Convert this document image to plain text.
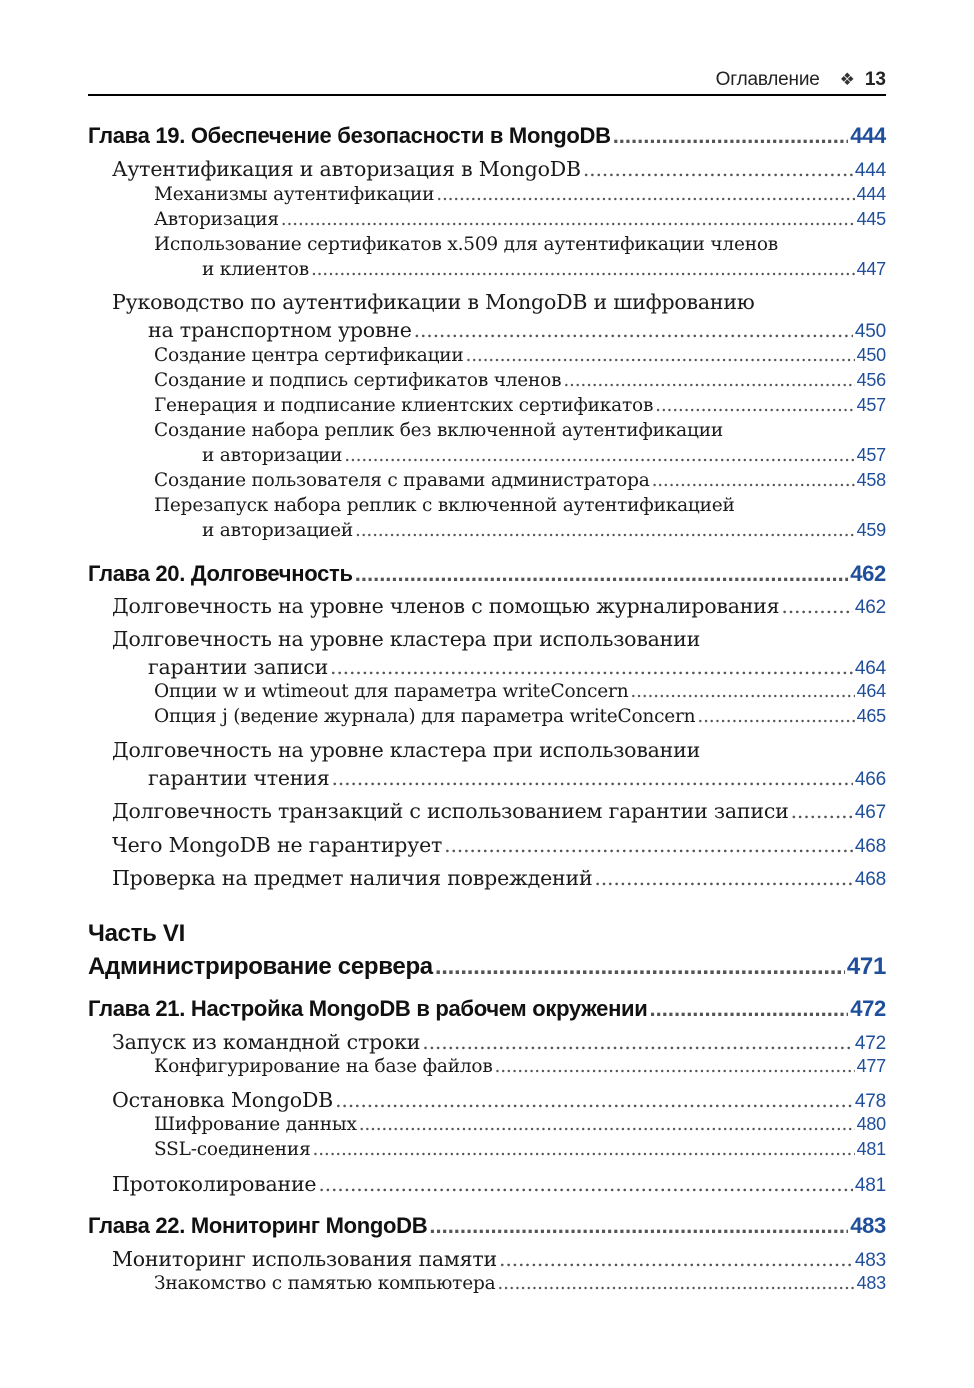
Оглавление ❖ 13
Глава 19. Обеспечение безопасности в MongoDB .....	444
Аутентификация и авторизация в MongoDB .....	444
Механизмы аутентификации .....	444
Авторизация .....	445
Использование сертификатов x.509 для аутентификации членов
и клиентов .....	447
Руководство по аутентификации в MongoDB и шифрованию
на транспортном уровне .....	450
Создание центра сертификации .....	450
Создание и подпись сертификатов членов .....	456
Генерация и подписание клиентских сертификатов .....	457
Создание набора реплик без включенной аутентификации
и авторизации .....	457
Создание пользователя с правами администратора .....	458
Перезапуск набора реплик с включенной аутентификацией
и авторизацией .....	459
Глава 20. Долговечность .....	462
Долговечность на уровне членов с помощью журналирования .....	462
Долговечность на уровне кластера при использовании
гарантии записи .....	464
Опции w и wtimeout для параметра writeConcern .....	464
Опция j (ведение журнала) для параметра writeConcern .....	465
Долговечность на уровне кластера при использовании
гарантии чтения .....	466
Долговечность транзакций с использованием гарантии записи .....	467
Чего MongoDB не гарантирует .....	468
Проверка на предмет наличия повреждений .....	468
Часть VI
Администрирование сервера .....	471
Глава 21. Настройка MongoDB в рабочем окружении .....	472
Запуск из командной строки .....	472
Конфигурирование на базе файлов .....	477
Остановка MongoDB .....	478
Шифрование данных .....	480
SSL-соединения .....	481
Протоколирование .....	481
Глава 22. Мониторинг MongoDB .....	483
Мониторинг использования памяти .....	483
Знакомство с памятью компьютера .....	483
